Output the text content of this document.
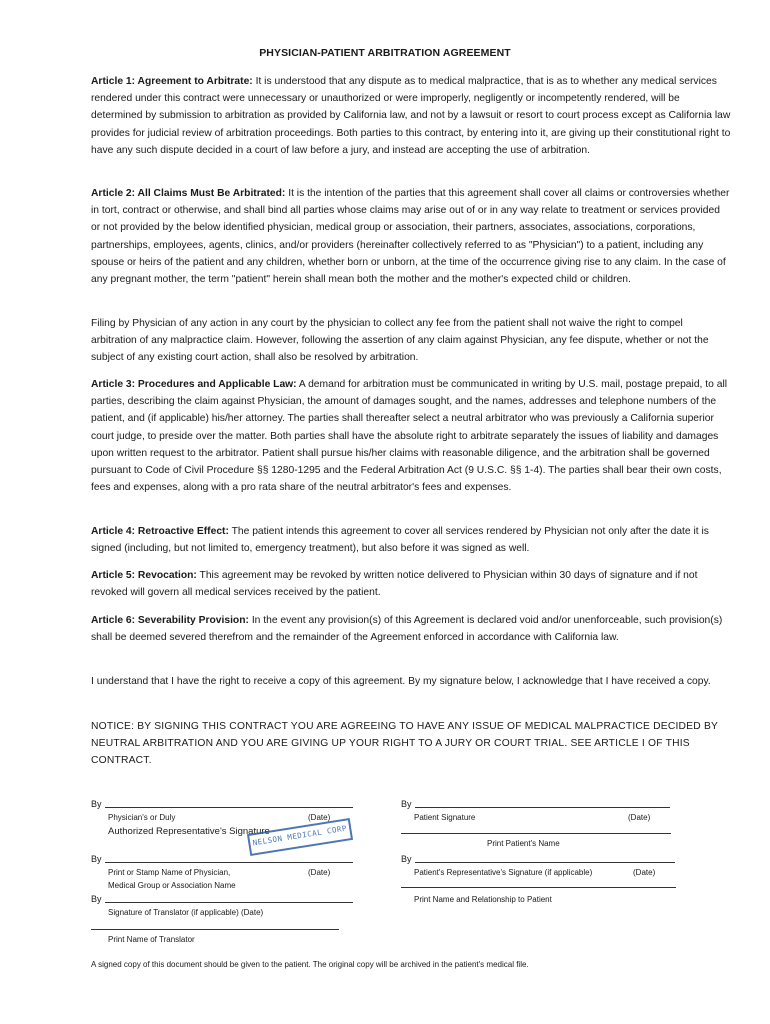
PHYSICIAN-PATIENT ARBITRATION AGREEMENT

Article 1: Agreement to Arbitrate: It is understood that any dispute as to medical malpractice, that is as to whether any medical services rendered under this contract were unnecessary or unauthorized or were improperly, negligently or incompetently rendered, will be determined by submission to arbitration as provided by California law, and not by a lawsuit or resort to court process except as California law provides for judicial review of arbitration proceedings. Both parties to this contract, by entering into it, are giving up their constitutional right to have any such dispute decided in a court of law before a jury, and instead are accepting the use of arbitration.

Article 2: All Claims Must Be Arbitrated: It is the intention of the parties that this agreement shall cover all claims or controversies whether in tort, contract or otherwise, and shall bind all parties whose claims may arise out of or in any way relate to treatment or services provided or not provided by the below identified physician, medical group or association, their partners, associates, associations, corporations, partnerships, employees, agents, clinics, and/or providers (hereinafter collectively referred to as "Physician") to a patient, including any spouse or heirs of the patient and any children, whether born or unborn, at the time of the occurrence giving rise to any claim. In the case of any pregnant mother, the term "patient" herein shall mean both the mother and the mother's expected child or children.

Filing by Physician of any action in any court by the physician to collect any fee from the patient shall not waive the right to compel arbitration of any malpractice claim. However, following the assertion of any claim against Physician, any fee dispute, whether or not the subject of any existing court action, shall also be resolved by arbitration.

Article 3: Procedures and Applicable Law: A demand for arbitration must be communicated in writing by U.S. mail, postage prepaid, to all parties, describing the claim against Physician, the amount of damages sought, and the names, addresses and telephone numbers of the patient, and (if applicable) his/her attorney. The parties shall thereafter select a neutral arbitrator who was previously a California superior court judge, to preside over the matter. Both parties shall have the absolute right to arbitrate separately the issues of liability and damages upon written request to the arbitrator. Patient shall pursue his/her claims with reasonable diligence, and the arbitration shall be governed pursuant to Code of Civil Procedure §§ 1280-1295 and the Federal Arbitration Act (9 U.S.C. §§ 1-4). The parties shall bear their own costs, fees and expenses, along with a pro rata share of the neutral arbitrator's fees and expenses.

Article 4: Retroactive Effect: The patient intends this agreement to cover all services rendered by Physician not only after the date it is signed (including, but not limited to, emergency treatment), but also before it was signed as well.

Article 5: Revocation: This agreement may be revoked by written notice delivered to Physician within 30 days of signature and if not revoked will govern all medical services received by the patient.

Article 6: Severability Provision: In the event any provision(s) of this Agreement is declared void and/or unenforceable, such provision(s) shall be deemed severed therefrom and the remainder of the Agreement enforced in accordance with California law.

I understand that I have the right to receive a copy of this agreement. By my signature below, I acknowledge that I have received a copy.

NOTICE: BY SIGNING THIS CONTRACT YOU ARE AGREEING TO HAVE ANY ISSUE OF MEDICAL MALPRACTICE DECIDED BY NEUTRAL ARBITRATION AND YOU ARE GIVING UP YOUR RIGHT TO A JURY OR COURT TRIAL. SEE ARTICLE I OF THIS CONTRACT.
By
Physician's or Duly	(Date)
Authorized Representative's Signature
NELSON MEDICAL CORP
By
Print or Stamp Name of Physician,	(Date)
Medical Group or Association Name
By
Signature of Translator (if applicable) (Date)
Print Name of Translator
By
Patient Signature	(Date)
Print Patient's Name
By
Patient's Representative's Signature (if applicable)	(Date)
Print Name and Relationship to Patient
A signed copy of this document should be given to the patient. The original copy will be archived in the patient's medical file.
